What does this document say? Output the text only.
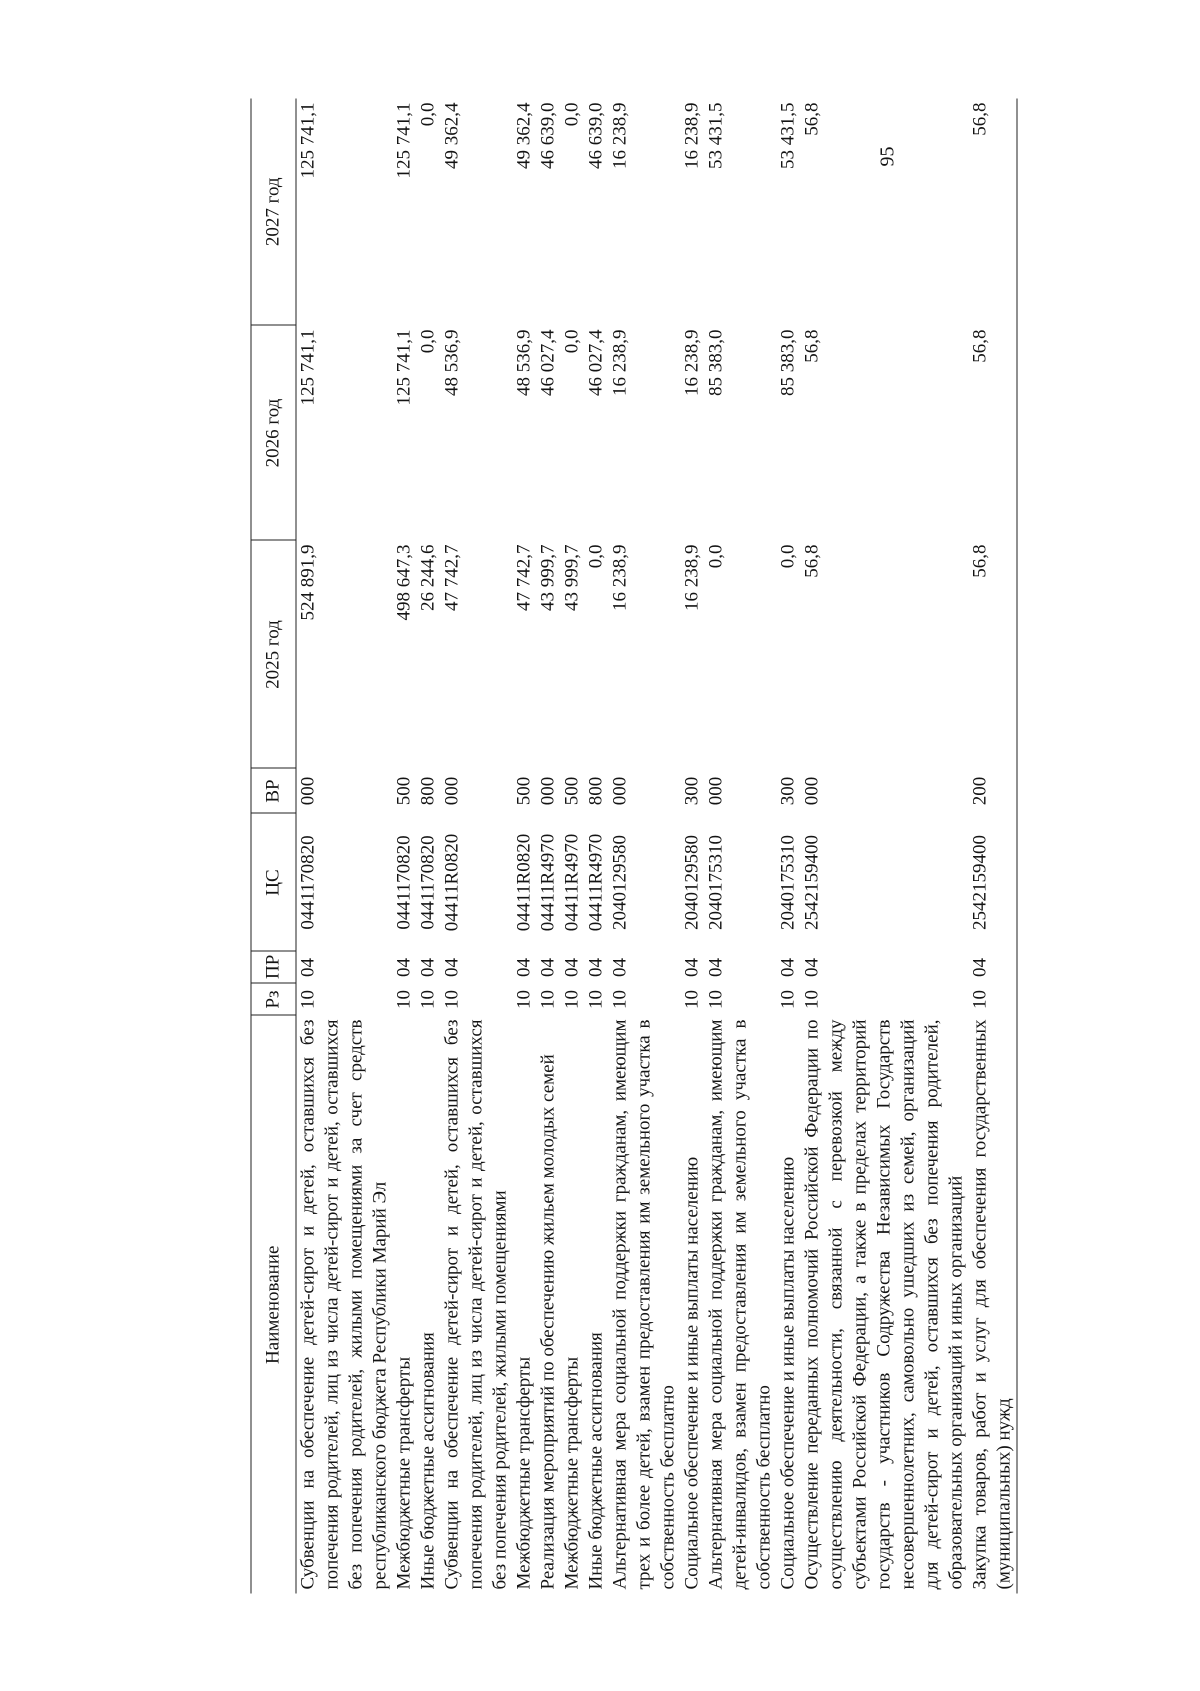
95
Наименование	Рз	ПР	ЦС	ВР	2025 год	2026 год	2027 год
Субвенции на обеспечение детей-сирот и детей, оставшихся без попечения родителей, лиц из числа детей-сирот и детей, оставшихся без попечения родителей, жилыми помещениями за счет средств республиканского бюджета Республики Марий Эл	10	04	0441170820	000	524 891,9	125 741,1	125 741,1
Межбюджетные трансферты	10	04	0441170820	500	498 647,3	125 741,1	125 741,1
Иные бюджетные ассигнования	10	04	0441170820	800	26 244,6	0,0	0,0
Субвенции на обеспечение детей-сирот и детей, оставшихся без попечения родителей, лиц из числа детей-сирот и детей, оставшихся без попечения родителей, жилыми помещениями	10	04	04411R0820	000	47 742,7	48 536,9	49 362,4
Межбюджетные трансферты	10	04	04411R0820	500	47 742,7	48 536,9	49 362,4
Реализация мероприятий по обеспечению жильем молодых семей	10	04	04411R4970	000	43 999,7	46 027,4	46 639,0
Межбюджетные трансферты	10	04	04411R4970	500	43 999,7	0,0	0,0
Иные бюджетные ассигнования	10	04	04411R4970	800	0,0	46 027,4	46 639,0
Альтернативная мера социальной поддержки гражданам, имеющим трех и более детей, взамен предоставления им земельного участка в собственность бесплатно	10	04	2040129580	000	16 238,9	16 238,9	16 238,9
Социальное обеспечение и иные выплаты населению	10	04	2040129580	300	16 238,9	16 238,9	16 238,9
Альтернативная мера социальной поддержки гражданам, имеющим детей-инвалидов, взамен предоставления им земельного участка в собственность бесплатно	10	04	2040175310	000	0,0	85 383,0	53 431,5
Социальное обеспечение и иные выплаты населению	10	04	2040175310	300	0,0	85 383,0	53 431,5
Осуществление переданных полномочий Российской Федерации по осуществлению деятельности, связанной с перевозкой между субъектами Российской Федерации, а также в пределах территорий государств - участников Содружества Независимых Государств несовершеннолетних, самовольно ушедших из семей, организаций для детей-сирот и детей, оставшихся без попечения родителей, образовательных организаций и иных организаций	10	04	2542159400	000	56,8	56,8	56,8
Закупка товаров, работ и услуг для обеспечения государственных (муниципальных) нужд	10	04	2542159400	200	56,8	56,8	56,8
